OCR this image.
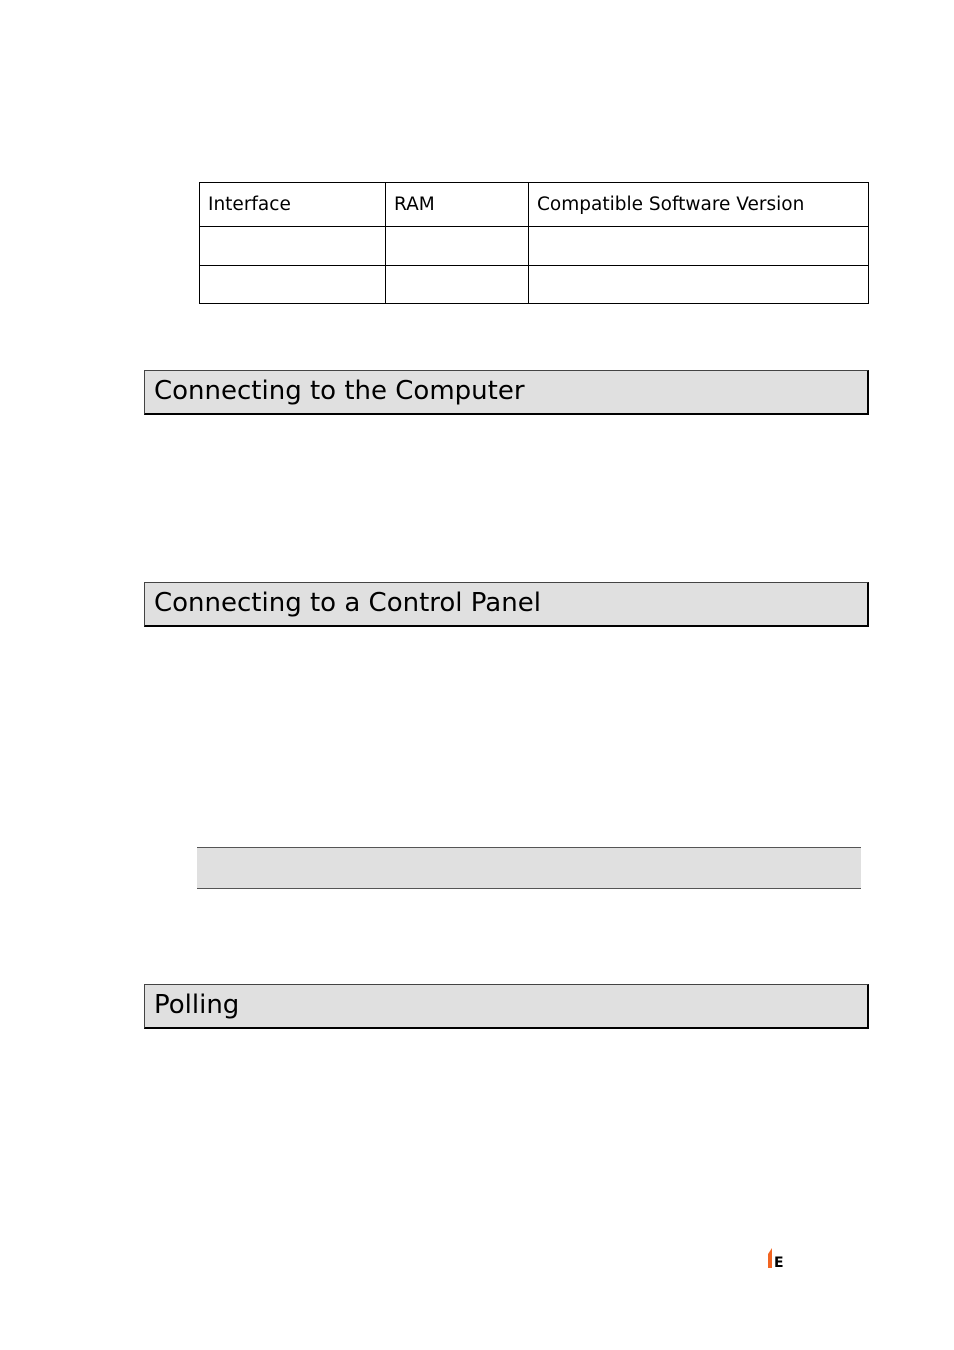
Interface	RAM	Compatible Software Version

Connecting to the Computer
Connecting to a Control Panel
Polling
E
